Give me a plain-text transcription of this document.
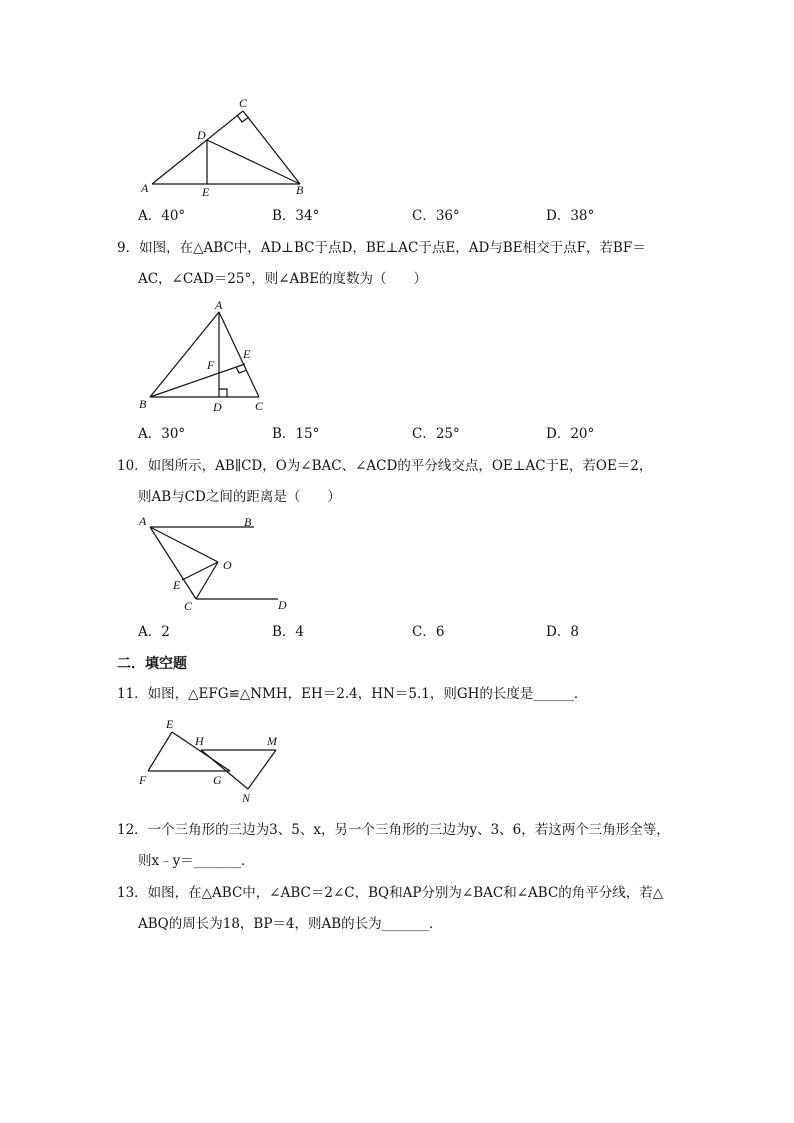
C
D
A	E	B
A．40°	B．34°	C．36°	D．38°
9．如图，在△ABC中，AD⊥BC于点D，BE⊥AC于点E，AD与BE相交于点F，若BF＝
AC，∠CAD＝25°，则∠ABE的度数为（　　）
A
E
F
B	D	C
A．30°	B．15°	C．25°	D．20°
10．如图所示，AB∥CD，O为∠BAC、∠ACD的平分线交点，OE⊥AC于E，若OE＝2，
则AB与CD之间的距离是（　　）
A	B
O
E
C	D
A．2	B．4	C．6	D．8
二．填空题
11．如图，△EFG≌△NMH，EH＝2.4，HN＝5.1，则GH的长度是______．
E
H	M
F	G
N
12．一个三角形的三边为3、5、x，另一个三角形的三边为y、3、6，若这两个三角形全等，
则x﹣y＝_______．
13．如图，在△ABC中，∠ABC＝2∠C，BQ和AP分别为∠BAC和∠ABC的角平分线，若△
ABQ的周长为18，BP＝4，则AB的长为_______．
